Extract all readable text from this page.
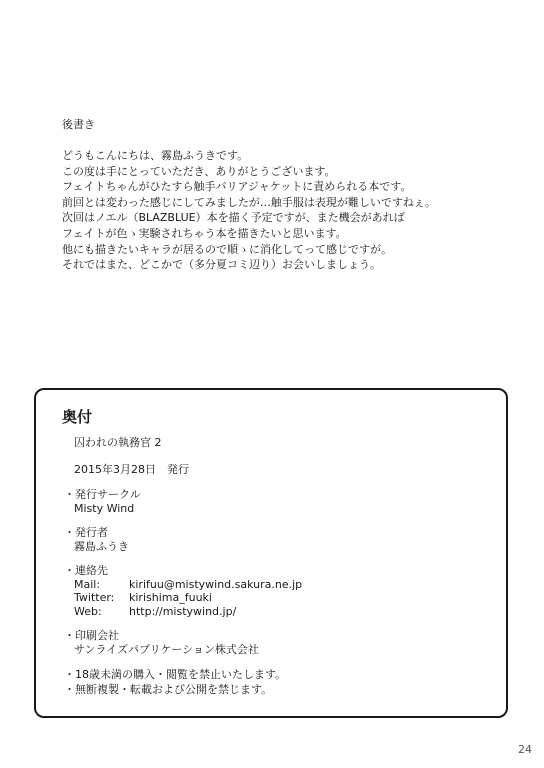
後書き
どうもこんにちは、霧島ふうきです。
この度は手にとっていただき、ありがとうございます。
フェイトちゃんがひたすら触手バリアジャケットに責められる本です。
前回とは変わった感じにしてみましたが…触手服は表現が難しいですねぇ。
次回はノエル（BLAZBLUE）本を描く予定ですが、また機会があれば
フェイトが色ゝ実験されちゃう本を描きたいと思います。
他にも描きたいキャラが居るので順ゝに消化してって感じですが。
それではまた、どこかで（多分夏コミ辺り）お会いしましょう。
奥付
囚われの執務官 2
2015年3月28日　発行
・発行サークル
Misty Wind
・発行者
霧島ふうき
・連絡先
Mail:	kirifuu@mistywind.sakura.ne.jp
Twitter:	kirishima_fuuki
Web:	http://mistywind.jp/
・印刷会社
サンライズパブリケーション株式会社
・18歳未満の購入・閲覧を禁止いたします。
・無断複製・転載および公開を禁じます。
24
